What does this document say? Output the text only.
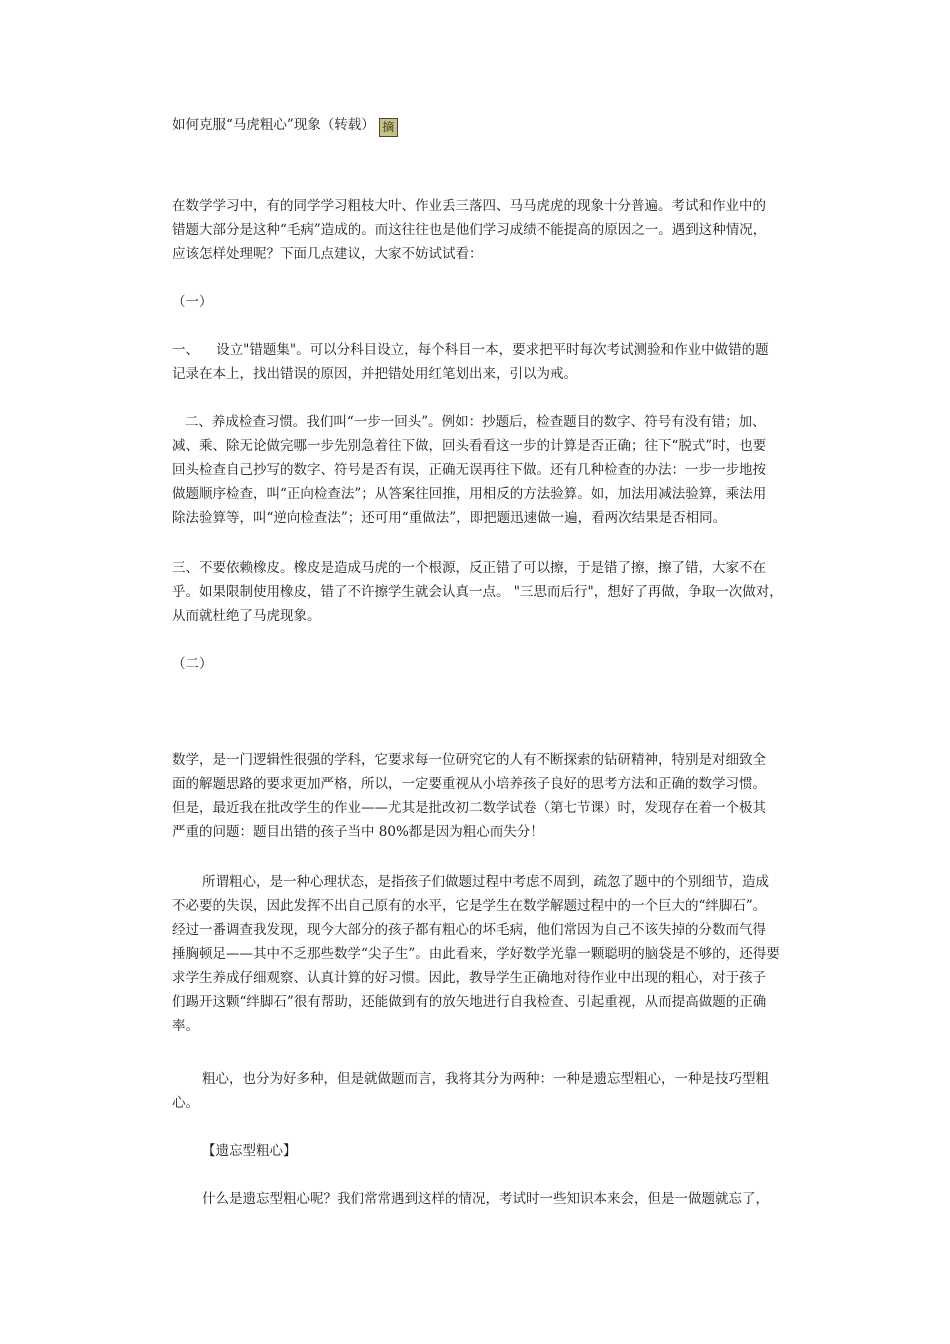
如何克服“马虎粗心”现象（转载） 摘
在数学学习中，有的同学学习粗枝大叶、作业丢三落四、马马虎虎的现象十分普遍。考试和作业中的
错题大部分是这种“毛病”造成的。而这往往也是他们学习成绩不能提高的原因之一。遇到这种情况，
应该怎样处理呢？下面几点建议，大家不妨试试看：
（一）
一、    设立"错题集"。可以分科目设立，每个科目一本，要求把平时每次考试测验和作业中做错的题
记录在本上，找出错误的原因，并把错处用红笔划出来，引以为戒。
二、养成检查习惯。我们叫“一步一回头”。例如：抄题后，检查题目的数字、符号有没有错；加、
减、乘、除无论做完哪一步先别急着往下做，回头看看这一步的计算是否正确；往下“脱式”时，也要
回头检查自己抄写的数字、符号是否有误，正确无误再往下做。还有几种检查的办法：一步一步地按
做题顺序检查，叫“正向检查法”；从答案往回推，用相反的方法验算。如，加法用减法验算，乘法用
除法验算等，叫“逆向检查法”；还可用“重做法”，即把题迅速做一遍，看两次结果是否相同。
三、不要依赖橡皮。橡皮是造成马虎的一个根源，反正错了可以擦，于是错了擦，擦了错，大家不在
乎。如果限制使用橡皮，错了不许擦学生就会认真一点。 "三思而后行"，想好了再做，争取一次做对，
从而就杜绝了马虎现象。
（二）
数学，是一门逻辑性很强的学科，它要求每一位研究它的人有不断探索的钻研精神，特别是对细致全
面的解题思路的要求更加严格，所以，一定要重视从小培养孩子良好的思考方法和正确的数学习惯。
但是，最近我在批改学生的作业——尤其是批改初二数学试卷（第七节课）时，发现存在着一个极其
严重的问题：题目出错的孩子当中 80%都是因为粗心而失分！
所谓粗心，是一种心理状态，是指孩子们做题过程中考虑不周到，疏忽了题中的个别细节，造成
不必要的失误，因此发挥不出自己原有的水平，它是学生在数学解题过程中的一个巨大的“绊脚石”。
经过一番调查我发现，现今大部分的孩子都有粗心的坏毛病，他们常因为自己不该失掉的分数而气得
捶胸顿足——其中不乏那些数学“尖子生”。由此看来，学好数学光靠一颗聪明的脑袋是不够的，还得要
求学生养成仔细观察、认真计算的好习惯。因此，教导学生正确地对待作业中出现的粗心，对于孩子
们踢开这颗“绊脚石”很有帮助，还能做到有的放矢地进行自我检查、引起重视，从而提高做题的正确
率。
粗心，也分为好多种，但是就做题而言，我将其分为两种：一种是遗忘型粗心，一种是技巧型粗
心。
【遗忘型粗心】
什么是遗忘型粗心呢？我们常常遇到这样的情况，考试时一些知识本来会，但是一做题就忘了，
